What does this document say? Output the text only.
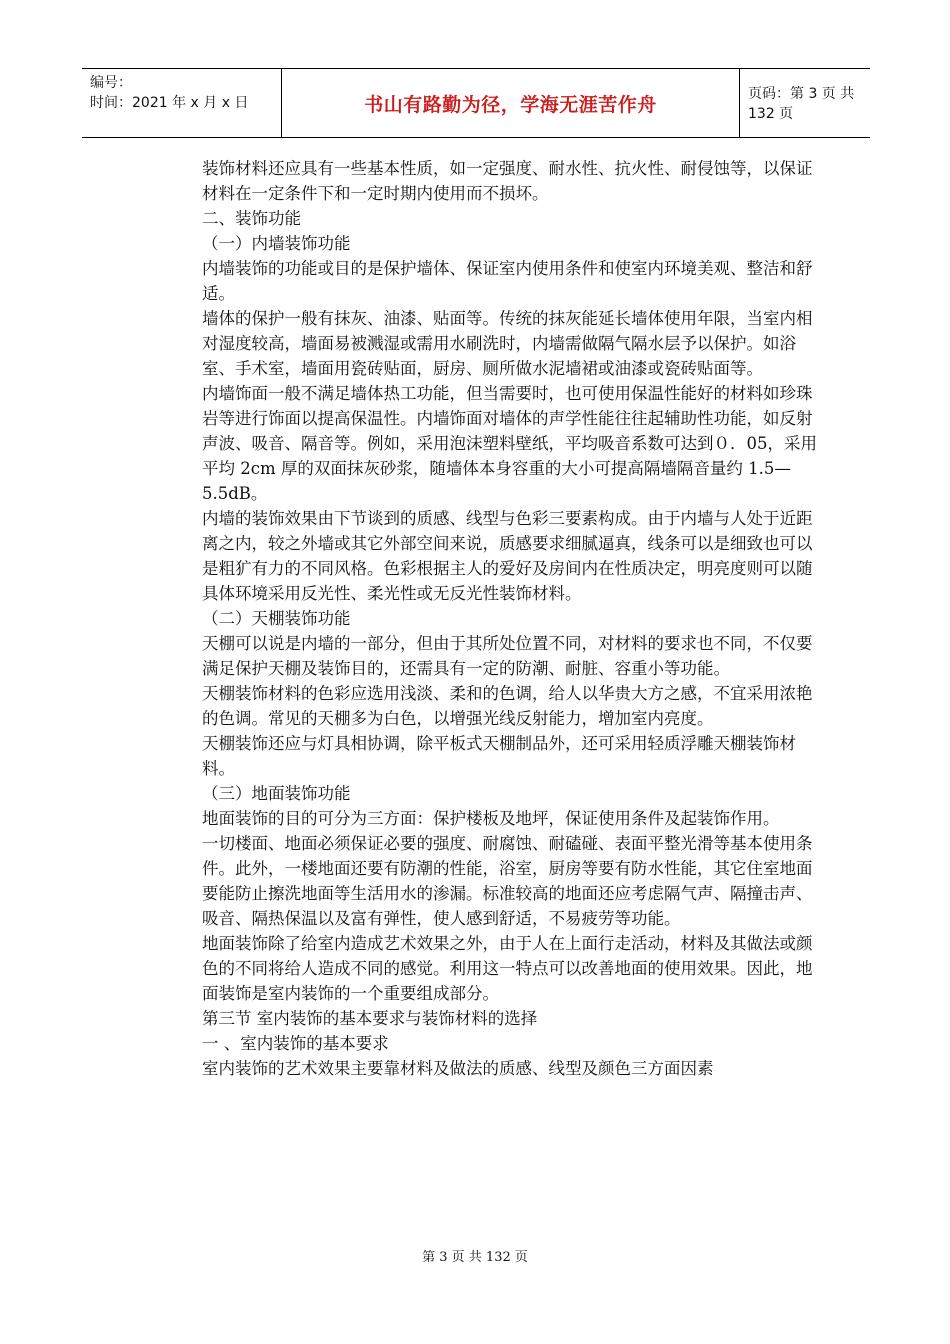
编号：
时间：2021 年 x 月 x 日	书山有路勤为径，学海无涯苦作舟	页码：第 3 页 共 132 页

装饰材料还应具有一些基本性质，如一定强度、耐水性、抗火性、耐侵蚀等，以保证材料在一定条件下和一定时期内使用而不损坏。

二、装饰功能

（一）内墙装饰功能

内墙装饰的功能或目的是保护墙体、保证室内使用条件和使室内环境美观、整洁和舒适。

墙体的保护一般有抹灰、油漆、贴面等。传统的抹灰能延长墙体使用年限，当室内相对湿度较高，墙面易被溅湿或需用水刷洗时，内墙需做隔气隔水层予以保护。如浴室、手术室，墙面用瓷砖贴面，厨房、厕所做水泥墙裙或油漆或瓷砖贴面等。

内墙饰面一般不满足墙体热工功能，但当需要时，也可使用保温性能好的材料如珍珠岩等进行饰面以提高保温性。内墙饰面对墙体的声学性能往往起辅助性功能，如反射声波、吸音、隔音等。例如，采用泡沫塑料壁纸，平均吸音系数可达到０．05，采用平均 2cm 厚的双面抹灰砂浆，随墙体本身容重的大小可提高隔墙隔音量约 1.5—5.5dB。

内墙的装饰效果由下节谈到的质感、线型与色彩三要素构成。由于内墙与人处于近距离之内，较之外墙或其它外部空间来说，质感要求细腻逼真，线条可以是细致也可以是粗犷有力的不同风格。色彩根据主人的爱好及房间内在性质决定，明亮度则可以随具体环境采用反光性、柔光性或无反光性装饰材料。

（二）天棚装饰功能

天棚可以说是内墙的一部分，但由于其所处位置不同，对材料的要求也不同，不仅要满足保护天棚及装饰目的，还需具有一定的防潮、耐脏、容重小等功能。

天棚装饰材料的色彩应选用浅淡、柔和的色调，给人以华贵大方之感，不宜采用浓艳的色调。常见的天棚多为白色，以增强光线反射能力，增加室内亮度。

天棚装饰还应与灯具相协调，除平板式天棚制品外，还可采用轻质浮雕天棚装饰材料。

（三）地面装饰功能

地面装饰的目的可分为三方面：保护楼板及地坪，保证使用条件及起装饰作用。

一切楼面、地面必须保证必要的强度、耐腐蚀、耐磕碰、表面平整光滑等基本使用条件。此外，一楼地面还要有防潮的性能，浴室，厨房等要有防水性能，其它住室地面要能防止擦洗地面等生活用水的渗漏。标准较高的地面还应考虑隔气声、隔撞击声、吸音、隔热保温以及富有弹性，使人感到舒适，不易疲劳等功能。

地面装饰除了给室内造成艺术效果之外，由于人在上面行走活动，材料及其做法或颜色的不同将给人造成不同的感觉。利用这一特点可以改善地面的使用效果。因此，地面装饰是室内装饰的一个重要组成部分。

第三节 室内装饰的基本要求与装饰材料的选择

一 、室内装饰的基本要求

室内装饰的艺术效果主要靠材料及做法的质感、线型及颜色三方面因素

第 3 页 共 132 页
